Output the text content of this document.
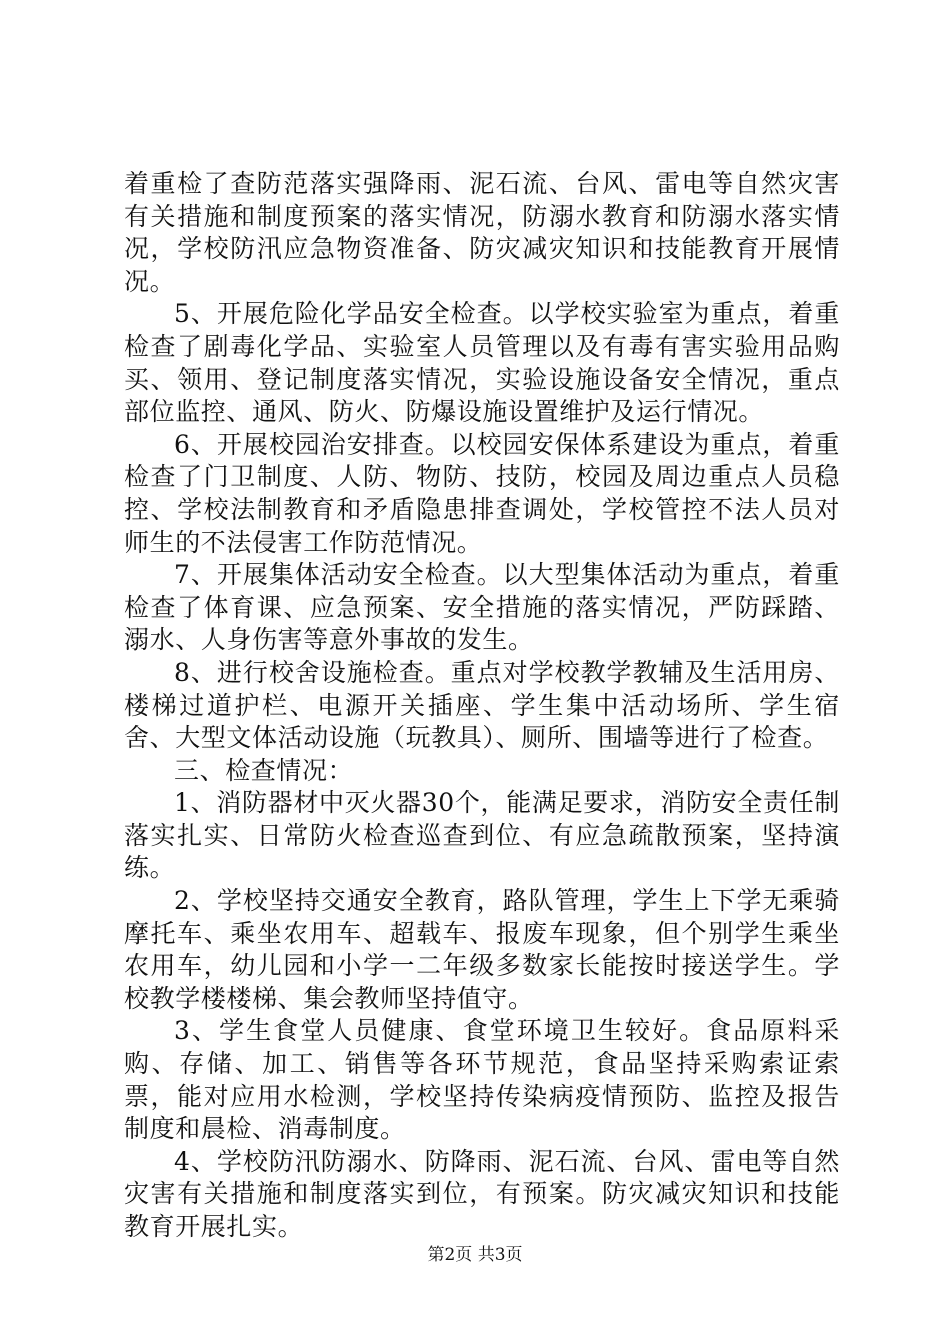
着重检了查防范落实强降雨、泥石流、台风、雷电等自然灾害有关措施和制度预案的落实情况，防溺水教育和防溺水落实情况，学校防汛应急物资准备、防灾减灾知识和技能教育开展情况。

5、开展危险化学品安全检查。以学校实验室为重点，着重检查了剧毒化学品、实验室人员管理以及有毒有害实验用品购买、领用、登记制度落实情况，实验设施设备安全情况，重点部位监控、通风、防火、防爆设施设置维护及运行情况。

6、开展校园治安排查。以校园安保体系建设为重点，着重检查了门卫制度、人防、物防、技防，校园及周边重点人员稳控、学校法制教育和矛盾隐患排查调处，学校管控不法人员对师生的不法侵害工作防范情况。

7、开展集体活动安全检查。以大型集体活动为重点，着重检查了体育课、应急预案、安全措施的落实情况，严防踩踏、溺水、人身伤害等意外事故的发生。

8、进行校舍设施检查。重点对学校教学教辅及生活用房、楼梯过道护栏、电源开关插座、学生集中活动场所、学生宿舍、大型文体活动设施（玩教具）、厕所、围墙等进行了检查。

三、检查情况：

1、消防器材中灭火器30个，能满足要求，消防安全责任制落实扎实、日常防火检查巡查到位、有应急疏散预案，坚持演练。

2、学校坚持交通安全教育，路队管理，学生上下学无乘骑摩托车、乘坐农用车、超载车、报废车现象，但个别学生乘坐农用车，幼儿园和小学一二年级多数家长能按时接送学生。学校教学楼楼梯、集会教师坚持值守。

3、学生食堂人员健康、食堂环境卫生较好。食品原料采购、存储、加工、销售等各环节规范，食品坚持采购索证索票，能对应用水检测，学校坚持传染病疫情预防、监控及报告制度和晨检、消毒制度。

4、学校防汛防溺水、防降雨、泥石流、台风、雷电等自然灾害有关措施和制度落实到位，有预案。防灾减灾知识和技能教育开展扎实。

第2页 共3页
